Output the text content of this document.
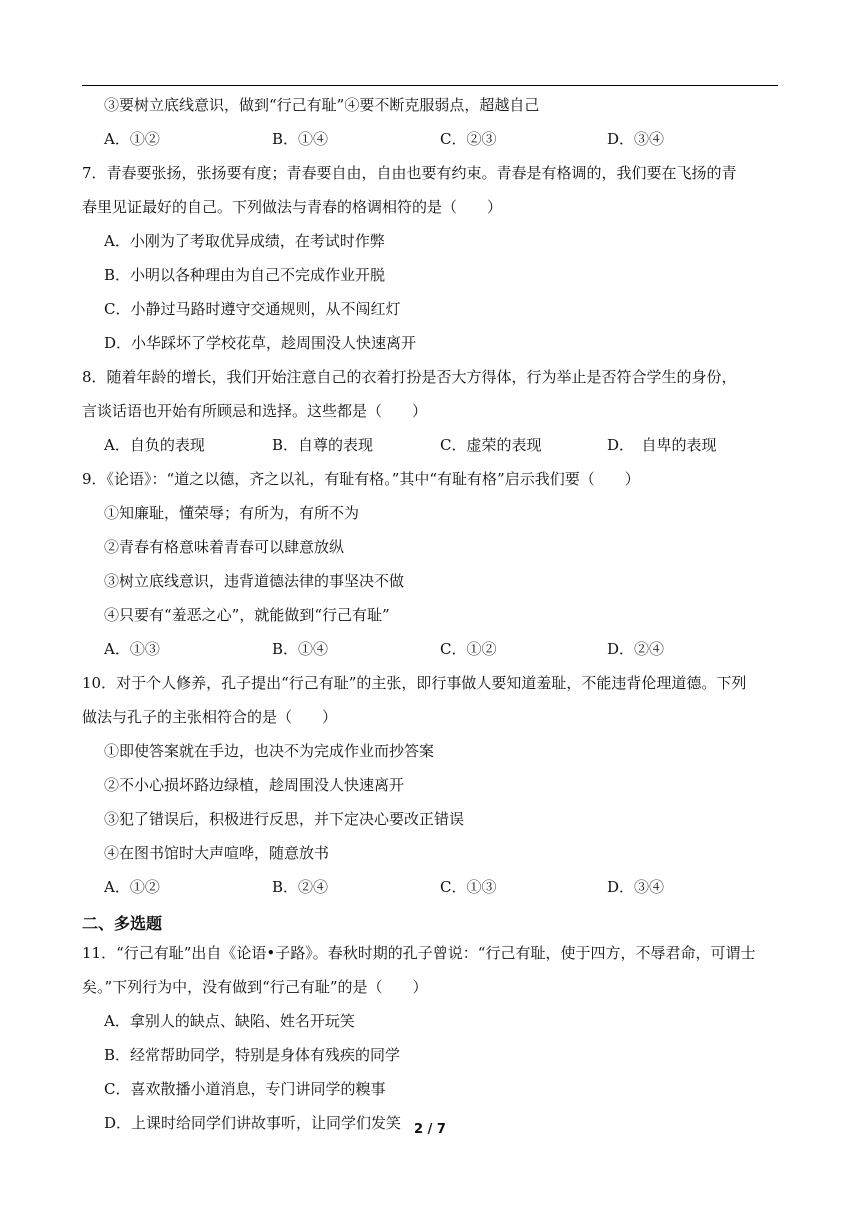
③要树立底线意识，做到“行己有耻”④要不断克服弱点，超越自己
A．①②	B．①④	C．②③	D．③④
7．青春要张扬，张扬要有度；青春要自由，自由也要有约束。青春是有格调的，我们要在飞扬的青
春里见证最好的自己。下列做法与青春的格调相符的是（　　）
A．小刚为了考取优异成绩，在考试时作弊
B．小明以各种理由为自己不完成作业开脱
C．小静过马路时遵守交通规则，从不闯红灯
D．小华踩坏了学校花草，趁周围没人快速离开
8．随着年龄的增长，我们开始注意自己的衣着打扮是否大方得体，行为举止是否符合学生的身份，
言谈话语也开始有所顾忌和选择。这些都是（　　）
A．自负的表现	B．自尊的表现	C．虚荣的表现	D．　自卑的表现
9．《论语》：“道之以德，齐之以礼，有耻有格。”其中“有耻有格”启示我们要（　　）
①知廉耻，懂荣辱；有所为，有所不为
②青春有格意味着青春可以肆意放纵
③树立底线意识，违背道德法律的事坚决不做
④只要有“羞恶之心”，就能做到“行己有耻”
A．①③	B．①④	C．①②	D．②④
10．对于个人修养，孔子提出“行己有耻”的主张，即行事做人要知道羞耻，不能违背伦理道德。下列
做法与孔子的主张相符合的是（　　）
①即使答案就在手边，也决不为完成作业而抄答案
②不小心损坏路边绿植，趁周围没人快速离开
③犯了错误后，积极进行反思，并下定决心要改正错误
④在图书馆时大声喧哗，随意放书
A．①②	B．②④	C．①③	D．③④
二、多选题
11．“行己有耻”出自《论语•子路》。春秋时期的孔子曾说：“行己有耻，使于四方，不辱君命，可谓士
矣。”下列行为中，没有做到“行己有耻”的是（　　）
A．拿别人的缺点、缺陷、姓名开玩笑
B．经常帮助同学，特别是身体有残疾的同学
C．喜欢散播小道消息，专门讲同学的糗事
D．上课时给同学们讲故事听，让同学们发笑	2 / 7
